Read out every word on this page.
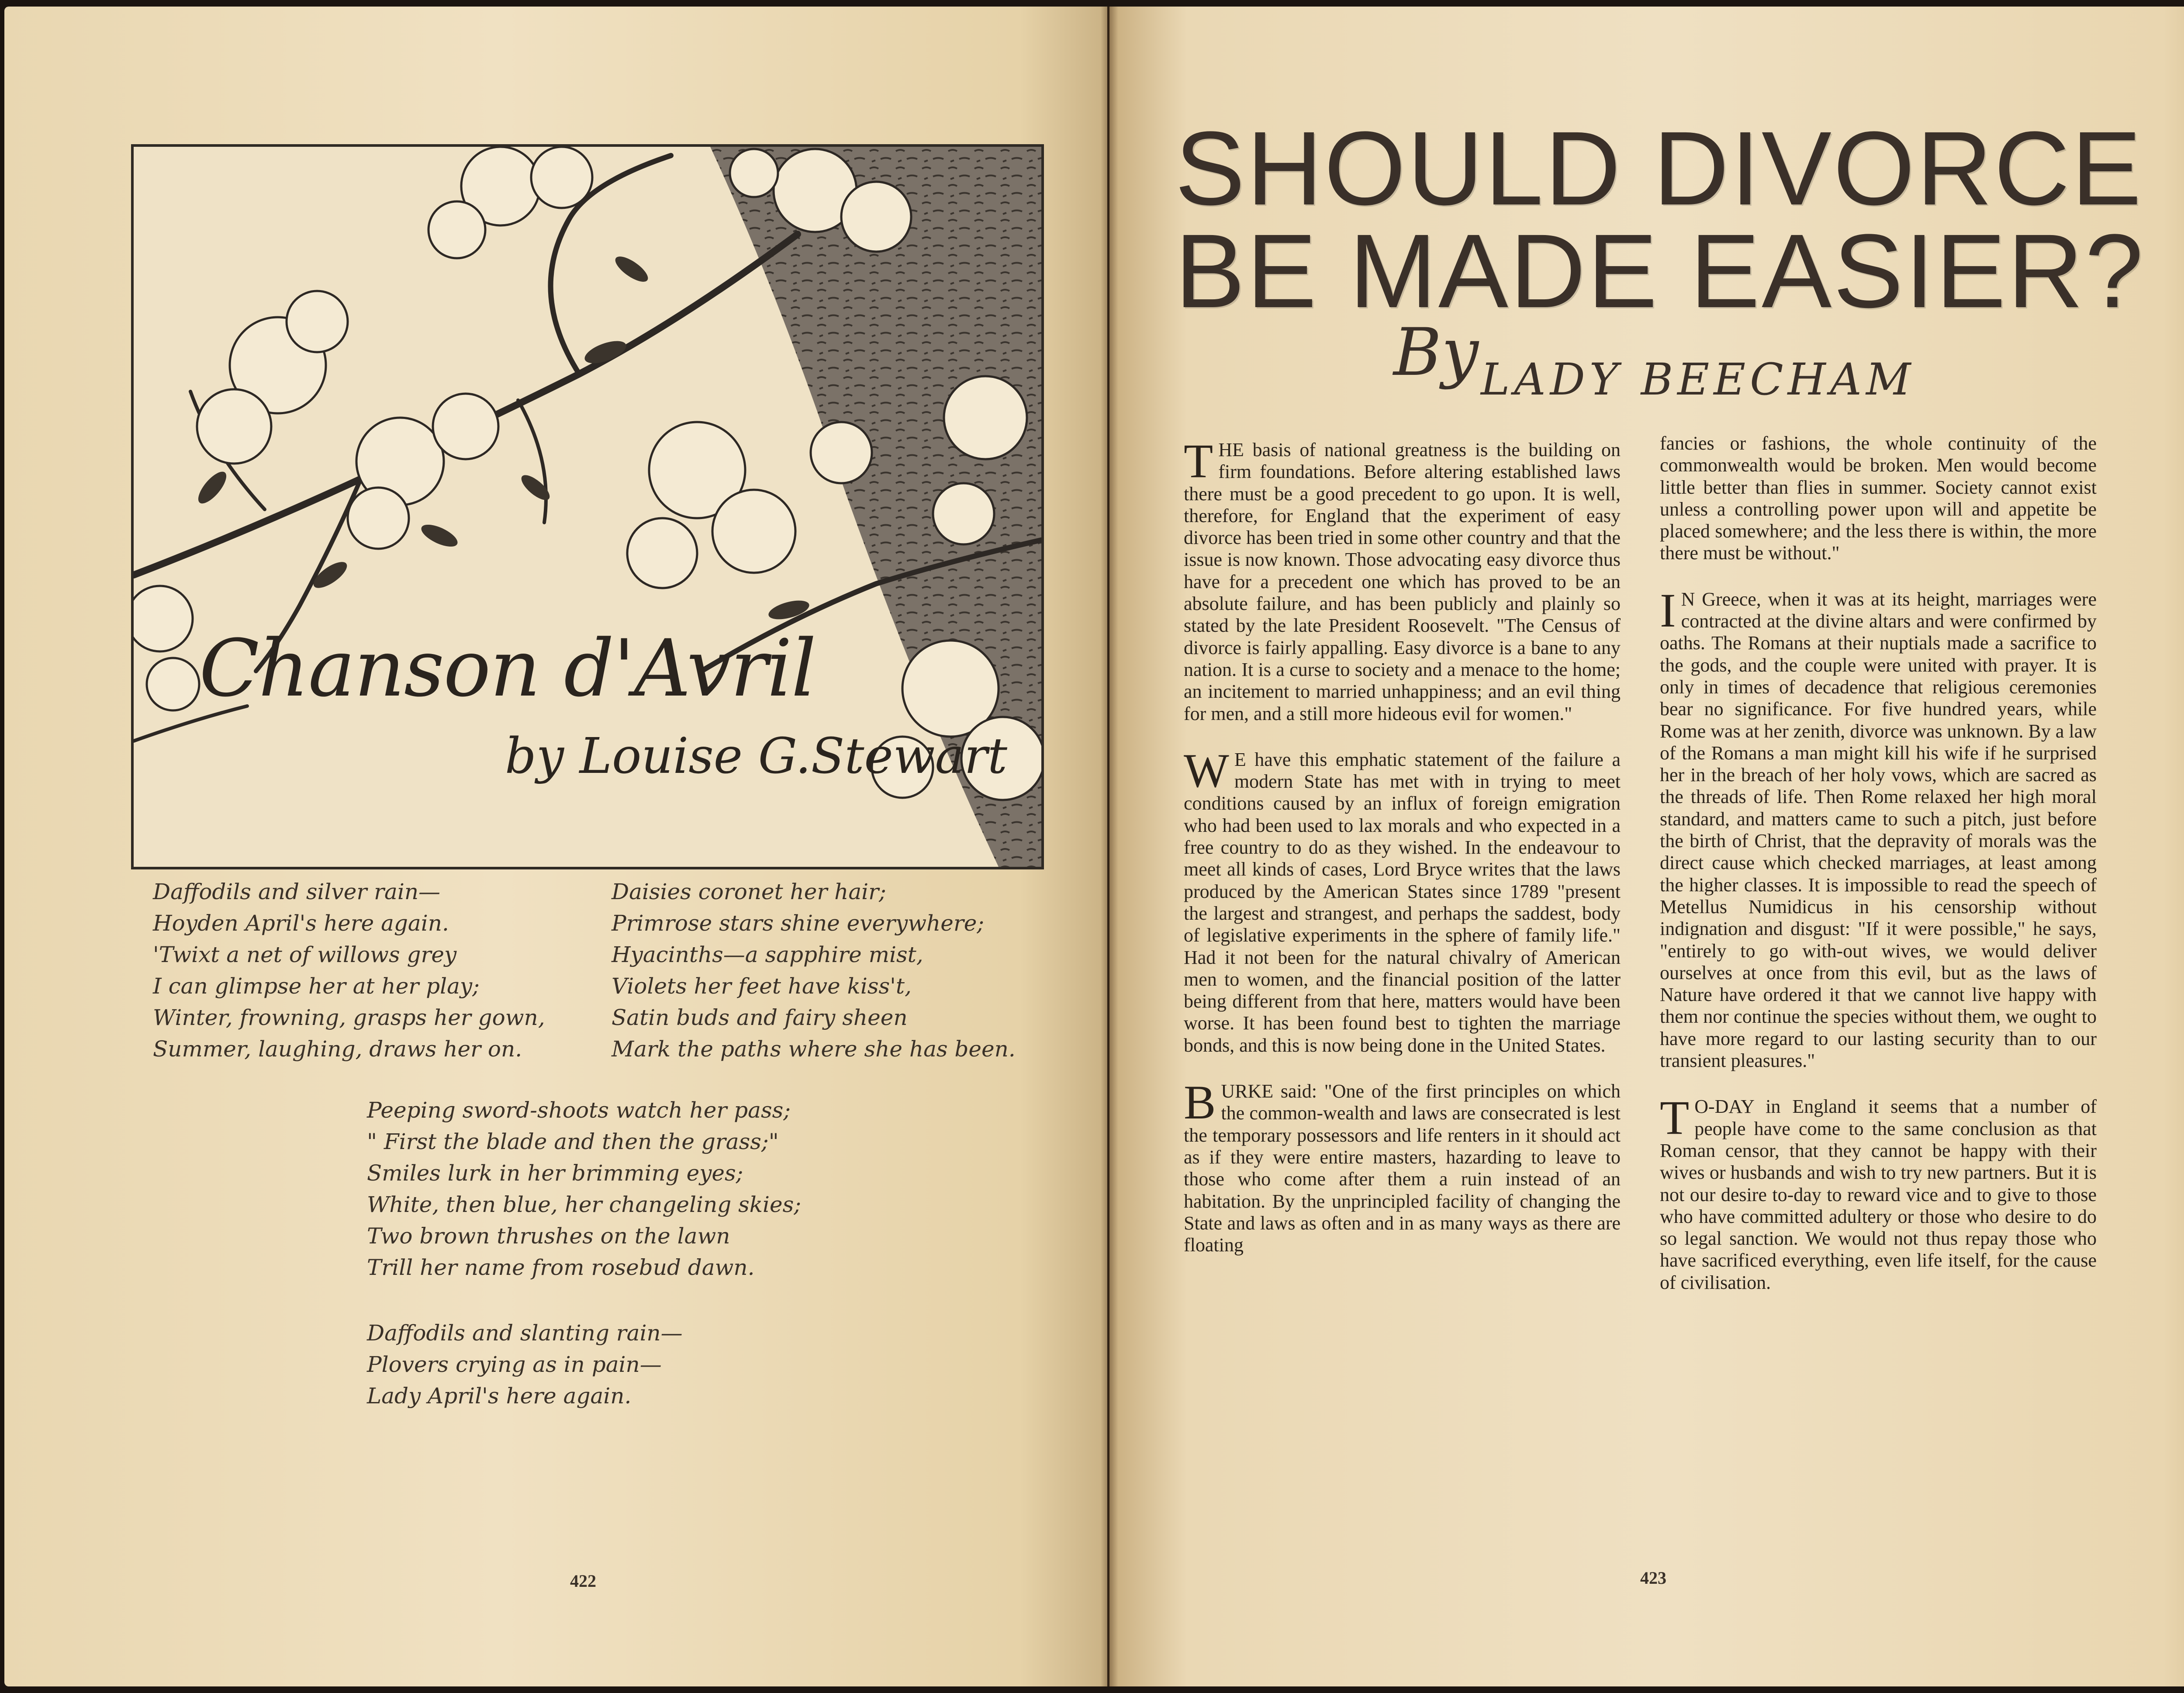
Chanson d'Avril
by Louise G.Stewart
Daffodils and silver rain—
Hoyden April's here again.
'Twixt a net of willows grey
I can glimpse her at her play;
Winter, frowning, grasps her gown,
Summer, laughing, draws her on.
Daisies coronet her hair;
Primrose stars shine everywhere;
Hyacinths—a sapphire mist,
Violets her feet have kiss't,
Satin buds and fairy sheen
Mark the paths where she has been.
Peeping sword-shoots watch her pass;
" First the blade and then the grass;"
Smiles lurk in her brimming eyes;
White, then blue, her changeling skies;
Two brown thrushes on the lawn
Trill her name from rosebud dawn.
Daffodils and slanting rain—
Plovers crying as in pain—
Lady April's here again.
422
SHOULD DIVORCE
BE MADE EASIER?
By LADY BEECHAM

THE basis of national greatness is the building on firm foundations. Before altering established laws there must be a good precedent to go upon. It is well, therefore, for England that the experiment of easy divorce has been tried in some other country and that the issue is now known. Those advocating easy divorce thus have for a precedent one which has proved to be an absolute failure, and has been publicly and plainly so stated by the late President Roosevelt. "The Census of divorce is fairly appalling. Easy divorce is a bane to any nation. It is a curse to society and a menace to the home; an incitement to married unhappiness; and an evil thing for men, and a still more hideous evil for women."

WE have this emphatic statement of the failure a modern State has met with in trying to meet conditions caused by an influx of foreign emigration who had been used to lax morals and who expected in a free country to do as they wished. In the endeavour to meet all kinds of cases, Lord Bryce writes that the laws produced by the American States since 1789 "present the largest and strangest, and perhaps the saddest, body of legislative experiments in the sphere of family life." Had it not been for the natural chivalry of American men to women, and the financial position of the latter being different from that here, matters would have been worse. It has been found best to tighten the marriage bonds, and this is now being done in the United States.

BURKE said: "One of the first principles on which the common-wealth and laws are consecrated is lest the temporary possessors and life renters in it should act as if they were entire masters, hazarding to leave to those who come after them a ruin instead of an habitation. By the unprincipled facility of changing the State and laws as often and in as many ways as there are floating

fancies or fashions, the whole continuity of the commonwealth would be broken. Men would become little better than flies in summer. Society cannot exist unless a controlling power upon will and appetite be placed somewhere; and the less there is within, the more there must be without."

IN Greece, when it was at its height, marriages were contracted at the divine altars and were confirmed by oaths. The Romans at their nuptials made a sacrifice to the gods, and the couple were united with prayer. It is only in times of decadence that religious ceremonies bear no significance. For five hundred years, while Rome was at her zenith, divorce was unknown. By a law of the Romans a man might kill his wife if he surprised her in the breach of her holy vows, which are sacred as the threads of life. Then Rome relaxed her high moral standard, and matters came to such a pitch, just before the birth of Christ, that the depravity of morals was the direct cause which checked marriages, at least among the higher classes. It is impossible to read the speech of Metellus Numidicus in his censorship without indignation and disgust: "If it were possible," he says, "entirely to go with-out wives, we would deliver ourselves at once from this evil, but as the laws of Nature have ordered it that we cannot live happy with them nor continue the species without them, we ought to have more regard to our lasting security than to our transient pleasures."

TO-DAY in England it seems that a number of people have come to the same conclusion as that Roman censor, that they cannot be happy with their wives or husbands and wish to try new partners. But it is not our desire to-day to reward vice and to give to those who have committed adultery or those who desire to do so legal sanction. We would not thus repay those who have sacrificed everything, even life itself, for the cause of civilisation.

423
